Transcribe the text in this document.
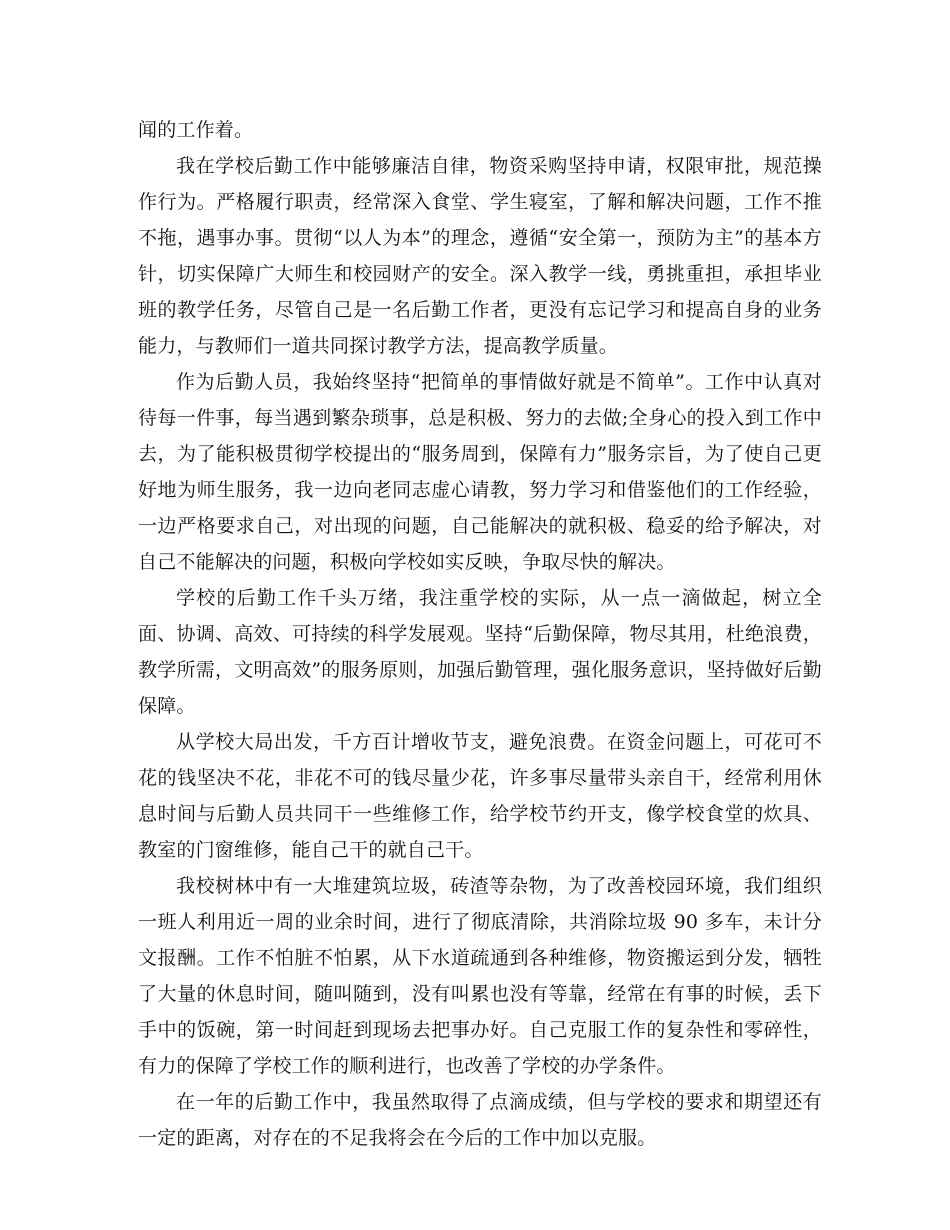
闻的工作着。

我在学校后勤工作中能够廉洁自律，物资采购坚持申请，权限审批，规范操作行为。严格履行职责，经常深入食堂、学生寝室，了解和解决问题，工作不推不拖，遇事办事。贯彻“以人为本”的理念，遵循“安全第一，预防为主”的基本方针，切实保障广大师生和校园财产的安全。深入教学一线，勇挑重担，承担毕业班的教学任务，尽管自己是一名后勤工作者，更没有忘记学习和提高自身的业务能力，与教师们一道共同探讨教学方法，提高教学质量。

作为后勤人员，我始终坚持“把简单的事情做好就是不简单”。工作中认真对待每一件事，每当遇到繁杂琐事，总是积极、努力的去做;全身心的投入到工作中去，为了能积极贯彻学校提出的“服务周到，保障有力”服务宗旨，为了使自己更好地为师生服务，我一边向老同志虚心请教，努力学习和借鉴他们的工作经验，一边严格要求自己，对出现的问题，自己能解决的就积极、稳妥的给予解决，对自己不能解决的问题，积极向学校如实反映，争取尽快的解决。

学校的后勤工作千头万绪，我注重学校的实际，从一点一滴做起，树立全面、协调、高效、可持续的科学发展观。坚持“后勤保障，物尽其用，杜绝浪费，教学所需，文明高效”的服务原则，加强后勤管理，强化服务意识，坚持做好后勤保障。

从学校大局出发，千方百计增收节支，避免浪费。在资金问题上，可花可不花的钱坚决不花，非花不可的钱尽量少花，许多事尽量带头亲自干，经常利用休息时间与后勤人员共同干一些维修工作，给学校节约开支，像学校食堂的炊具、教室的门窗维修，能自己干的就自己干。

我校树林中有一大堆建筑垃圾，砖渣等杂物，为了改善校园环境，我们组织一班人利用近一周的业余时间，进行了彻底清除，共消除垃圾 90 多车，未计分文报酬。工作不怕脏不怕累，从下水道疏通到各种维修，物资搬运到分发，牺牲了大量的休息时间，随叫随到，没有叫累也没有等靠，经常在有事的时候，丢下手中的饭碗，第一时间赶到现场去把事办好。自己克服工作的复杂性和零碎性，有力的保障了学校工作的顺利进行，也改善了学校的办学条件。

在一年的后勤工作中，我虽然取得了点滴成绩，但与学校的要求和期望还有一定的距离，对存在的不足我将会在今后的工作中加以克服。
